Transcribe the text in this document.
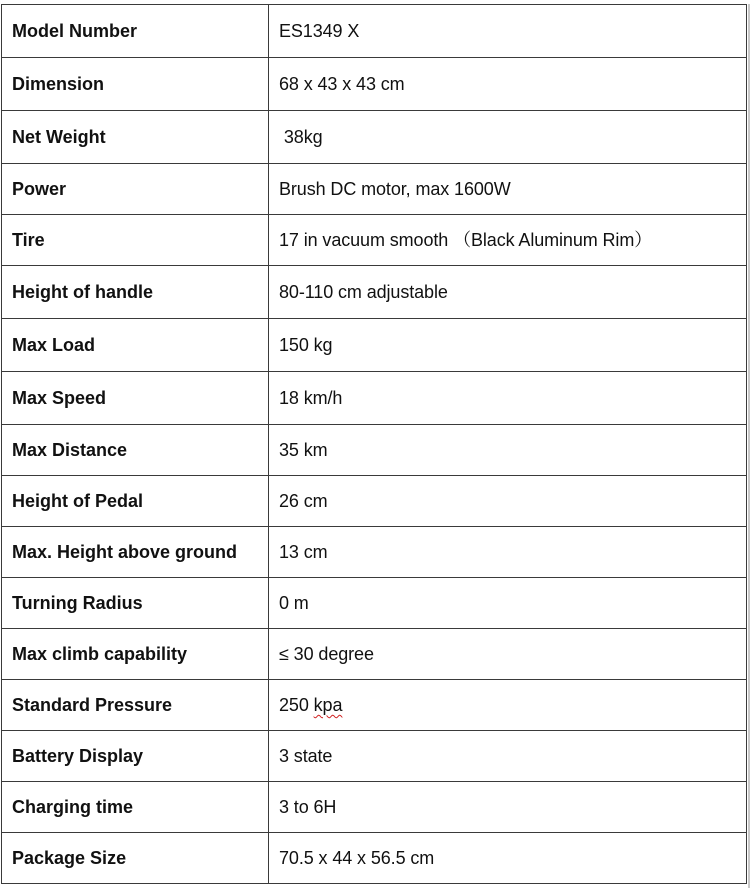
Model Number	ES1349 X
Dimension	68 x 43 x 43 cm
Net Weight	38kg
Power	Brush DC motor, max 1600W
Tire	17 in vacuum smooth （Black Aluminum Rim）
Height of handle	80-110 cm adjustable
Max Load	150 kg
Max Speed	18 km/h
Max Distance	35 km
Height of Pedal	26 cm
Max. Height above ground	13 cm
Turning Radius	0 m
Max climb capability	≤ 30 degree
Standard Pressure	250 kpa
Battery Display	3 state
Charging time	3 to 6H
Package Size	70.5 x 44 x 56.5 cm
